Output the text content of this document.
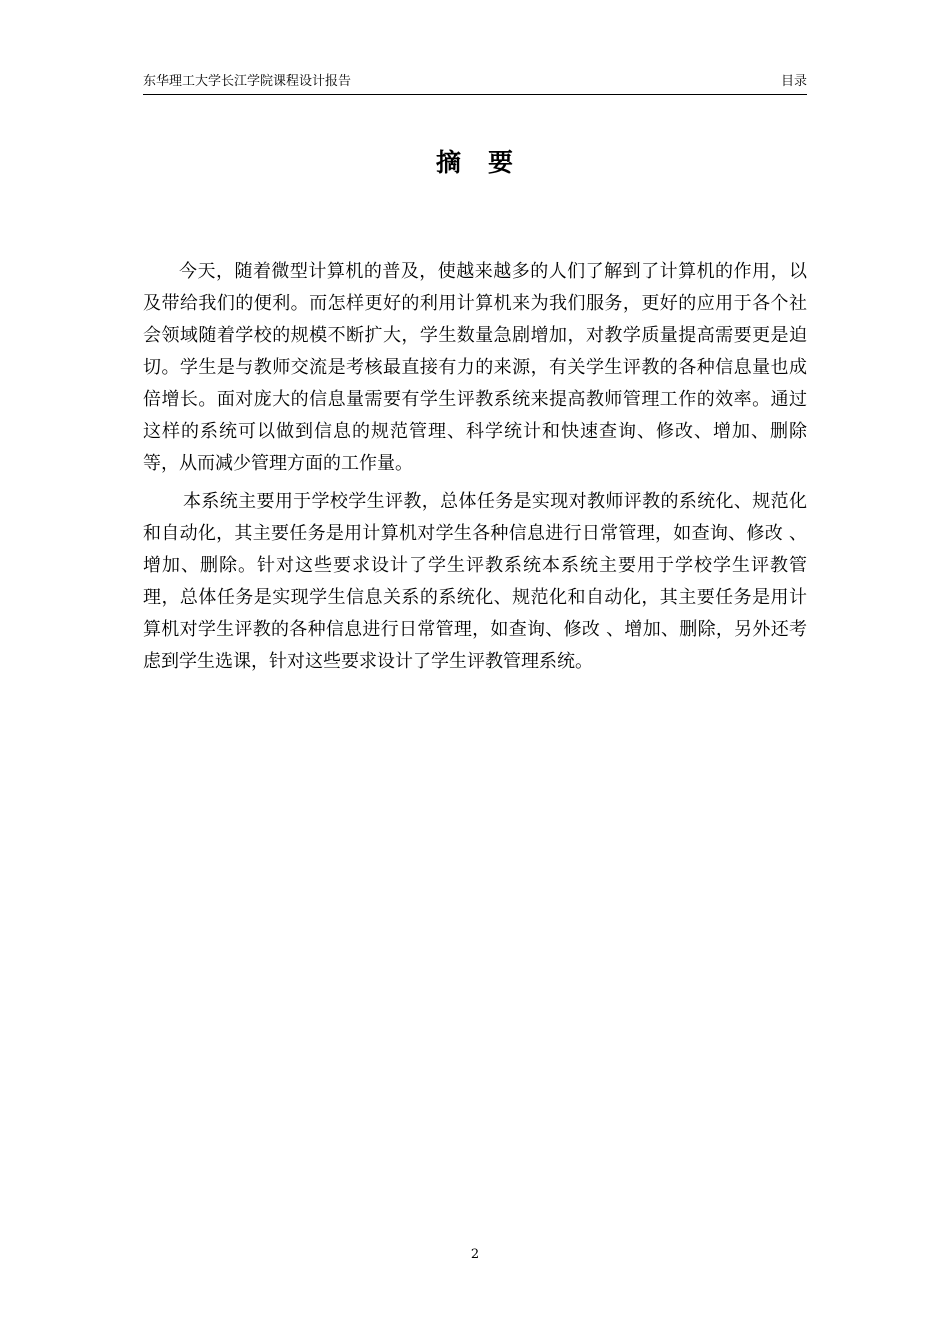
东华理工大学长江学院课程设计报告	目录
摘　要

今天，随着微型计算机的普及，使越来越多的人们了解到了计算机的作用，以及带给我们的便利。而怎样更好的利用计算机来为我们服务，更好的应用于各个社会领域随着学校的规模不断扩大，学生数量急剧增加，对教学质量提高需要更是迫切。学生是与教师交流是考核最直接有力的来源，有关学生评教的各种信息量也成倍增长。面对庞大的信息量需要有学生评教系统来提高教师管理工作的效率。通过这样的系统可以做到信息的规范管理、科学统计和快速查询、修改、增加、删除等，从而减少管理方面的工作量。

本系统主要用于学校学生评教，总体任务是实现对教师评教的系统化、规范化和自动化，其主要任务是用计算机对学生各种信息进行日常管理，如查询、修改 、增加、删除。针对这些要求设计了学生评教系统本系统主要用于学校学生评教管理，总体任务是实现学生信息关系的系统化、规范化和自动化，其主要任务是用计算机对学生评教的各种信息进行日常管理，如查询、修改 、增加、删除，另外还考虑到学生选课，针对这些要求设计了学生评教管理系统。

2
